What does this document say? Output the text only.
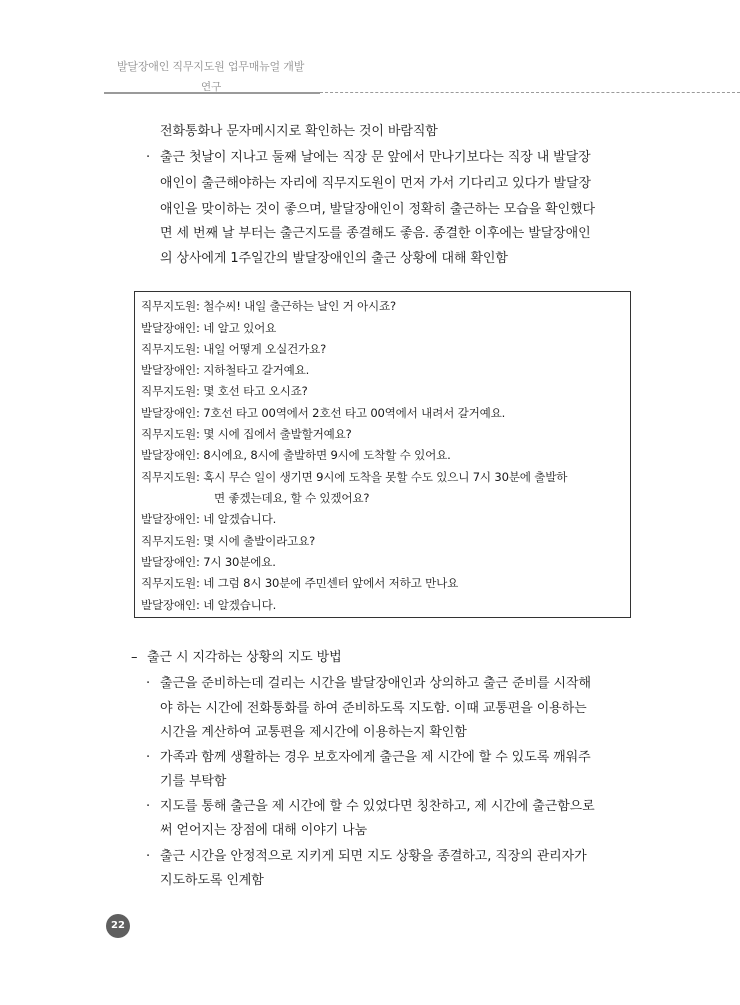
발달장애인 직무지도원 업무매뉴얼 개발
연구
전화통화나 문자메시지로 확인하는 것이 바람직함
· 출근 첫날이 지나고 둘째 날에는 직장 문 앞에서 만나기보다는 직장 내 발달장
애인이 출근해야하는 자리에 직무지도원이 먼저 가서 기다리고 있다가 발달장
애인을 맞이하는 것이 좋으며, 발달장애인이 정확히 출근하는 모습을 확인했다
면 세 번째 날 부터는 출근지도를 종결해도 좋음. 종결한 이후에는 발달장애인
의 상사에게 1주일간의 발달장애인의 출근 상황에 대해 확인함
직무지도원: 철수씨! 내일 출근하는 날인 거 아시죠?
발달장애인: 네 알고 있어요
직무지도원: 내일 어떻게 오실건가요?
발달장애인: 지하철타고 갈거예요.
직무지도원: 몇 호선 타고 오시죠?
발달장애인: 7호선 타고 00역에서 2호선 타고 00역에서 내려서 갈거예요.
직무지도원: 몇 시에 집에서 출발할거예요?
발달장애인: 8시에요, 8시에 출발하면 9시에 도착할 수 있어요.
직무지도원: 혹시 무슨 일이 생기면 9시에 도착을 못할 수도 있으니 7시 30분에 출발하
면 좋겠는데요, 할 수 있겠어요?
발달장애인: 네 알겠습니다.
직무지도원: 몇 시에 출발이라고요?
발달장애인: 7시 30분에요.
직무지도원: 네 그럼 8시 30분에 주민센터 앞에서 저하고 만나요
발달장애인: 네 알겠습니다.
– 출근 시 지각하는 상황의 지도 방법
· 출근을 준비하는데 걸리는 시간을 발달장애인과 상의하고 출근 준비를 시작해
야 하는 시간에 전화통화를 하여 준비하도록 지도함. 이때 교통편을 이용하는
시간을 계산하여 교통편을 제시간에 이용하는지 확인함
· 가족과 함께 생활하는 경우 보호자에게 출근을 제 시간에 할 수 있도록 깨워주
기를 부탁함
· 지도를 통해 출근을 제 시간에 할 수 있었다면 칭찬하고, 제 시간에 출근함으로
써 얻어지는 장점에 대해 이야기 나눔
· 출근 시간을 안정적으로 지키게 되면 지도 상황을 종결하고, 직장의 관리자가
지도하도록 인계함
22
